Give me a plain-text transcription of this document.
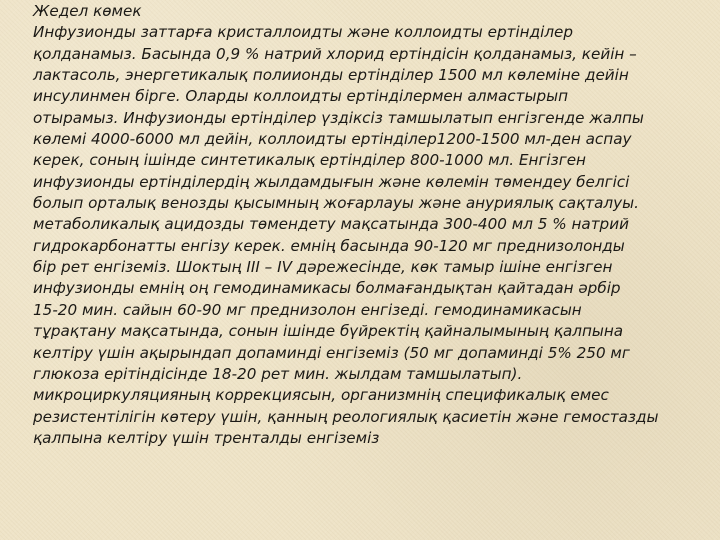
Жедел көмек
Инфузионды заттарға кристаллоидты және коллоидты ертінділер
қолданамыз. Басында 0,9 % натрий хлорид ертіндісін қолданамыз, кейін –
лактасоль, энергетикалық полиионды ертінділер 1500 мл көлеміне дейін
инсулинмен бірге. Оларды коллоидты ертінділермен алмастырып
отырамыз. Инфузионды ертінділер үздіксіз тамшылатып енгізгенде жалпы
көлемі 4000-6000 мл дейін, коллоидты ертінділер1200-1500 мл-ден аспау
керек, соның ішінде синтетикалық ертінділер 800-1000 мл. Енгізген
инфузионды ертінділердің жылдамдығын және көлемін төмендеу белгісі
болып орталық венозды қысымның жоғарлауы және ануриялық сақталуы.
метаболикалық ацидозды төмендету мақсатында 300-400 мл 5 % натрий
гидрокарбонатты енгізу керек. емнің басында 90-120 мг преднизолонды
бір рет енгіземіз. Шоктың III – IV дәрежесінде, көк тамыр ішіне енгізген
инфузионды емнің оң гемодинамикасы болмағандықтан қайтадан әрбір
15-20 мин. сайын 60-90 мг преднизолон енгізеді. гемодинамикасын
тұрақтану мақсатында, сонын ішінде бүйректің қайналымының қалпына
келтіру үшін ақырындап допаминді енгіземіз (50 мг допаминді 5% 250 мг
глюкоза ерітіндісінде 18-20 рет мин. жылдам тамшылатып).
микроциркуляцияның коррекциясын, организмнің спецификалық емес
резистентілігін көтеру үшін, қанның реологиялық қасиетін және гемостазды
қалпына келтіру үшін тренталды енгіземіз
